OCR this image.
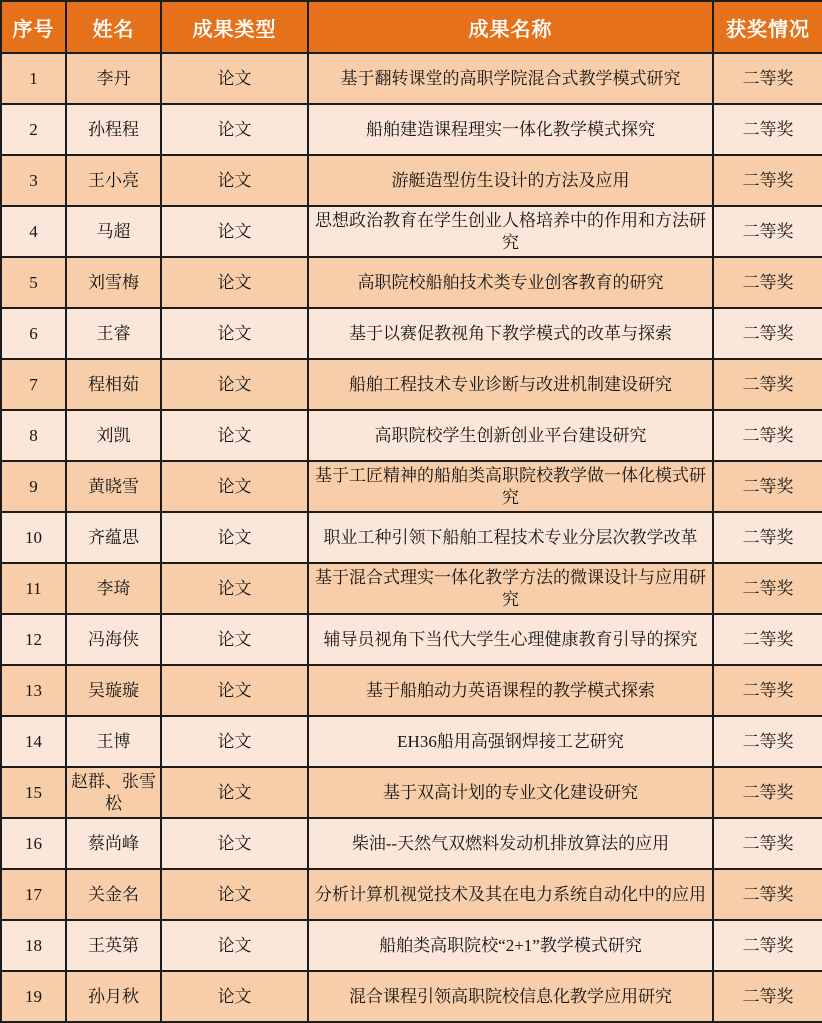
序号	姓名	成果类型	成果名称	获奖情况
1	李丹	论文	基于翻转课堂的高职学院混合式教学模式研究	二等奖
2	孙程程	论文	船舶建造课程理实一体化教学模式探究	二等奖
3	王小亮	论文	游艇造型仿生设计的方法及应用	二等奖
4	马超	论文	思想政治教育在学生创业人格培养中的作用和方法研究	二等奖
5	刘雪梅	论文	高职院校船舶技术类专业创客教育的研究	二等奖
6	王睿	论文	基于以赛促教视角下教学模式的改革与探索	二等奖
7	程相茹	论文	船舶工程技术专业诊断与改进机制建设研究	二等奖
8	刘凯	论文	高职院校学生创新创业平台建设研究	二等奖
9	黄晓雪	论文	基于工匠精神的船舶类高职院校教学做一体化模式研究	二等奖
10	齐蕴思	论文	职业工种引领下船舶工程技术专业分层次教学改革	二等奖
11	李琦	论文	基于混合式理实一体化教学方法的微课设计与应用研究	二等奖
12	冯海侠	论文	辅导员视角下当代大学生心理健康教育引导的探究	二等奖
13	吴璇璇	论文	基于船舶动力英语课程的教学模式探索	二等奖
14	王博	论文	EH36船用高强钢焊接工艺研究	二等奖
15	赵群、张雪松	论文	基于双高计划的专业文化建设研究	二等奖
16	蔡尚峰	论文	柴油--天然气双燃料发动机排放算法的应用	二等奖
17	关金名	论文	分析计算机视觉技术及其在电力系统自动化中的应用	二等奖
18	王英第	论文	船舶类高职院校“2+1”教学模式研究	二等奖
19	孙月秋	论文	混合课程引领高职院校信息化教学应用研究	二等奖
